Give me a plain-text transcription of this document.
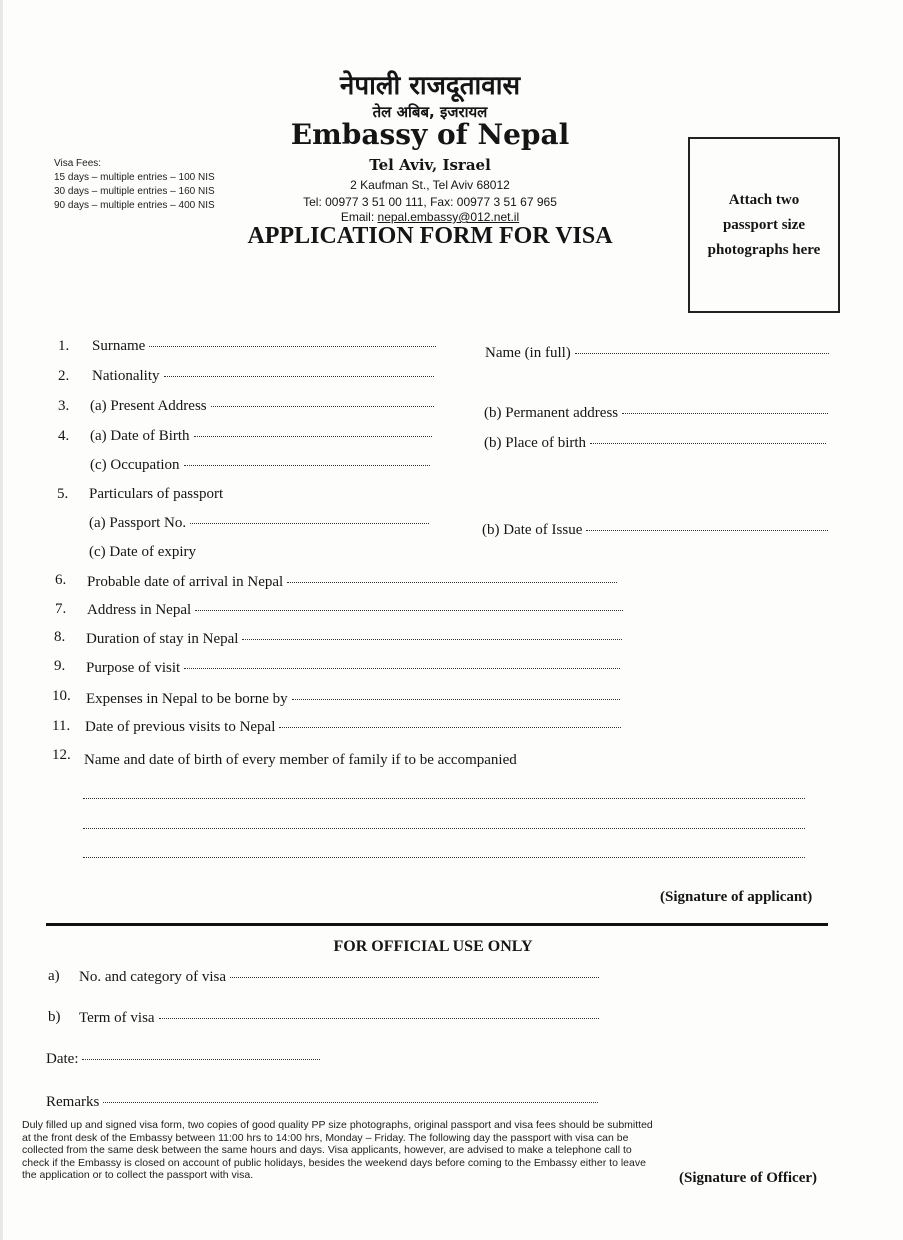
Visa Fees:
15 days – multiple entries – 100 NIS
30 days – multiple entries – 160 NIS
90 days – multiple entries – 400 NIS
नेपाली राजदूतावास
तेल अबिब, इजरायल
Embassy of Nepal
Tel Aviv, Israel
2 Kaufman St., Tel Aviv 68012
Tel: 00977 3 51 00 111, Fax: 00977 3 51 67 965
Email: nepal.embassy@012.net.il
APPLICATION FORM FOR VISA
Attach two passport size photographs here
1.	Surname	Name (in full)
2.	Nationality
3.	(a) Present Address	(b) Permanent address
4.	(a) Date of Birth	(b) Place of birth
(c) Occupation
5.	Particulars of passport
(a) Passport No.	(b) Date of Issue
(c) Date of expiry
6.	Probable date of arrival in Nepal
7.	Address in Nepal
8.	Duration of stay in Nepal
9.	Purpose of visit
10.	Expenses in Nepal to be borne by
11. Date of previous visits to Nepal
12. Name and date of birth of every member of family if to be accompanied
(Signature of applicant)
FOR OFFICIAL USE ONLY
a)	No. and category of visa
b)	Term of visa
Date:
Remarks
Duly filled up and signed visa form, two copies of good quality PP size photographs, original passport and visa fees should be submitted at the front desk of the Embassy between 11:00 hrs to 14:00 hrs, Monday – Friday. The following day the passport with visa can be collected from the same desk between the same hours and days. Visa applicants, however, are advised to make a telephone call to check if the Embassy is closed on account of public holidays, besides the weekend days before coming to the Embassy either to leave the application or to collect the passport with visa.	(Signature of Officer)
